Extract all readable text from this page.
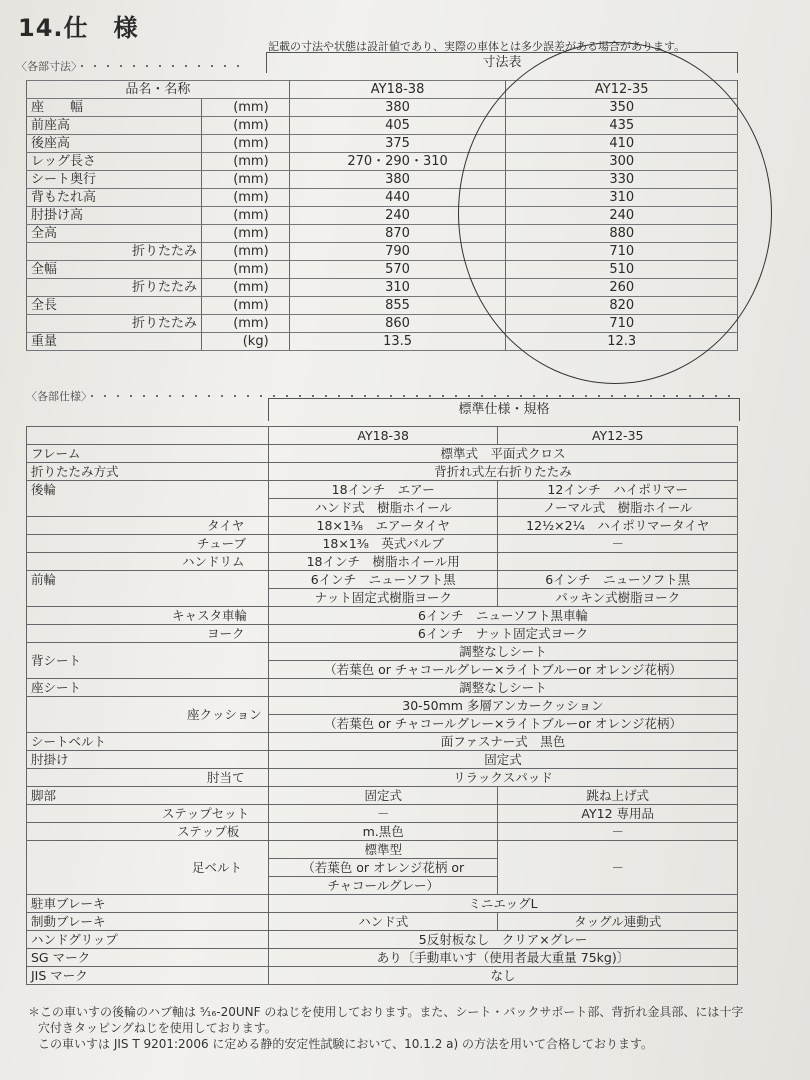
14.仕　様
〈各部寸法〉・・・・・・・・・・・・・
記載の寸法や状態は設計値であり、実際の車体とは多少誤差がある場合があります。
寸法表
品名・名称		AY18-38	AY12-35
座　　幅	(mm)	380	350
前座高	(mm)	405	435
後座高	(mm)	375	410
レッグ長さ	(mm)	270・290・310	300
シート奥行	(mm)	380	330
背もたれ高	(mm)	440	310
肘掛け高	(mm)	240	240
全高	(mm)	870	880
折りたたみ	(mm)	790	710
全幅	(mm)	570	510
折りたたみ	(mm)	310	260
全長	(mm)	855	820
折りたたみ	(mm)	860	710
重量	(kg)	13.5	12.3
〈各部仕様〉・・・・・・・・・・・・・・・・・・・・・・・・・・・・・・・・・・・・・・・・・・・・・・・・・・
標準仕様・規格
	AY18-38	AY12-35
フレーム	標準式　平面式クロス	
折りたたみ方式	背折れ式左右折りたたみ	
後輪	18インチ　エアー	12インチ　ハイポリマー
	ハンド式　樹脂ホイール	ノーマル式　樹脂ホイール
タイヤ	18×1³⁄₈　エアータイヤ	12¹⁄₂×2¹⁄₄　ハイポリマータイヤ
チューブ	18×1³⁄₈　英式バルブ	－
ハンドリム	18インチ　樹脂ホイール用	
前輪	6インチ　ニューソフト黒	6インチ　ニューソフト黒
	ナット固定式樹脂ヨーク	パッキン式樹脂ヨーク
キャスタ車輪	6インチ　ニューソフト黒車輪	
ヨーク	6インチ　ナット固定式ヨーク	
背シート	調整なしシート	
	（若葉色 or チャコールグレー×ライトブルーor オレンジ花柄）	
座シート	調整なしシート	
座クッション	30-50mm 多層アンカークッション	
	（若葉色 or チャコールグレー×ライトブルーor オレンジ花柄）	
シートベルト	面ファスナー式　黒色	
肘掛け	固定式	
肘当て	リラックスパッド	
脚部	固定式	跳ね上げ式
ステップセット	－	AY12 専用品
ステップ板	m.黒色	－
足ベルト	標準型	－
	（若葉色 or オレンジ花柄 or	
	チャコールグレー）	
駐車ブレーキ	ミニエッグL	
制動ブレーキ	ハンド式	タッグル連動式
ハンドグリップ	5反射板なし　クリア×グレー	
SG マーク	あり〔手動車いす（使用者最大重量 75kg)〕	
JIS マーク	なし	
＊この車いすの後輪のハブ軸は ⁵⁄₁₆-20UNF のねじを使用しております。また、シート・バックサポート部、背折れ金具部、には十字
穴付きタッピングねじを使用しております。
この車いすは JIS T 9201:2006 に定める静的安定性試験において、10.1.2 a) の方法を用いて合格しております。
